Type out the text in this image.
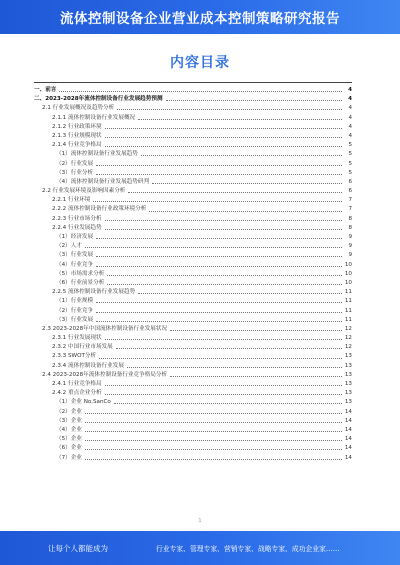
流体控制设备企业营业成本控制策略研究报告
内容目录
一、前言	4
二、2023-2028年流体控制设备行业发展趋势预测	4
2.1 行业发展概况及趋势分析	4
2.1.1 流体控制设备行业发展概况	4
2.1.2 行业政策环境	4
2.1.3 行业规模现状	4
2.1.4 行业竞争格局	5
（1）流体控制设备行业发展趋势	5
（2）行业发展	5
（3）行业分析	5
（4）流体控制设备行业发展趋势研判	6
2.2 行业发展环境及影响因素分析	6
2.2.1 行业环境	7
2.2.2 流体控制设备行业政策环境分析	7
2.2.3 行业市场分析	8
2.2.4 行业发展趋势	8
（1）经济发展	9
（2）人才	9
（3）行业发展	9
（4）行业竞争	10
（5）市场需求分析	10
（6）行业前景分析	10
2.2.5 流体控制设备行业发展趋势	11
（1）行业规模	11
（2）行业竞争	11
（3）行业发展	11
2.3 2023-2028年中国流体控制设备行业发展状况	12
2.3.1 行业发展现状	12
2.3.2 中国行业市场发展	12
2.3.3 SWOT分析	13
2.3.4 流体控制设备行业发展	13
2.4 2023-2028年流体控制设备行业竞争格局分析	13
2.4.1 行业竞争格局	13
2.4.2 重点企业分析	13
（1）企业 No.SanCo	13
（2）企业	14
（3）企业	14
（4）企业	14
（5）企业	14
（6）企业	14
（7）企业	14
1
让每个人都能成为	行业专家、管理专家、营销专家、战略专家、成功企业家……
